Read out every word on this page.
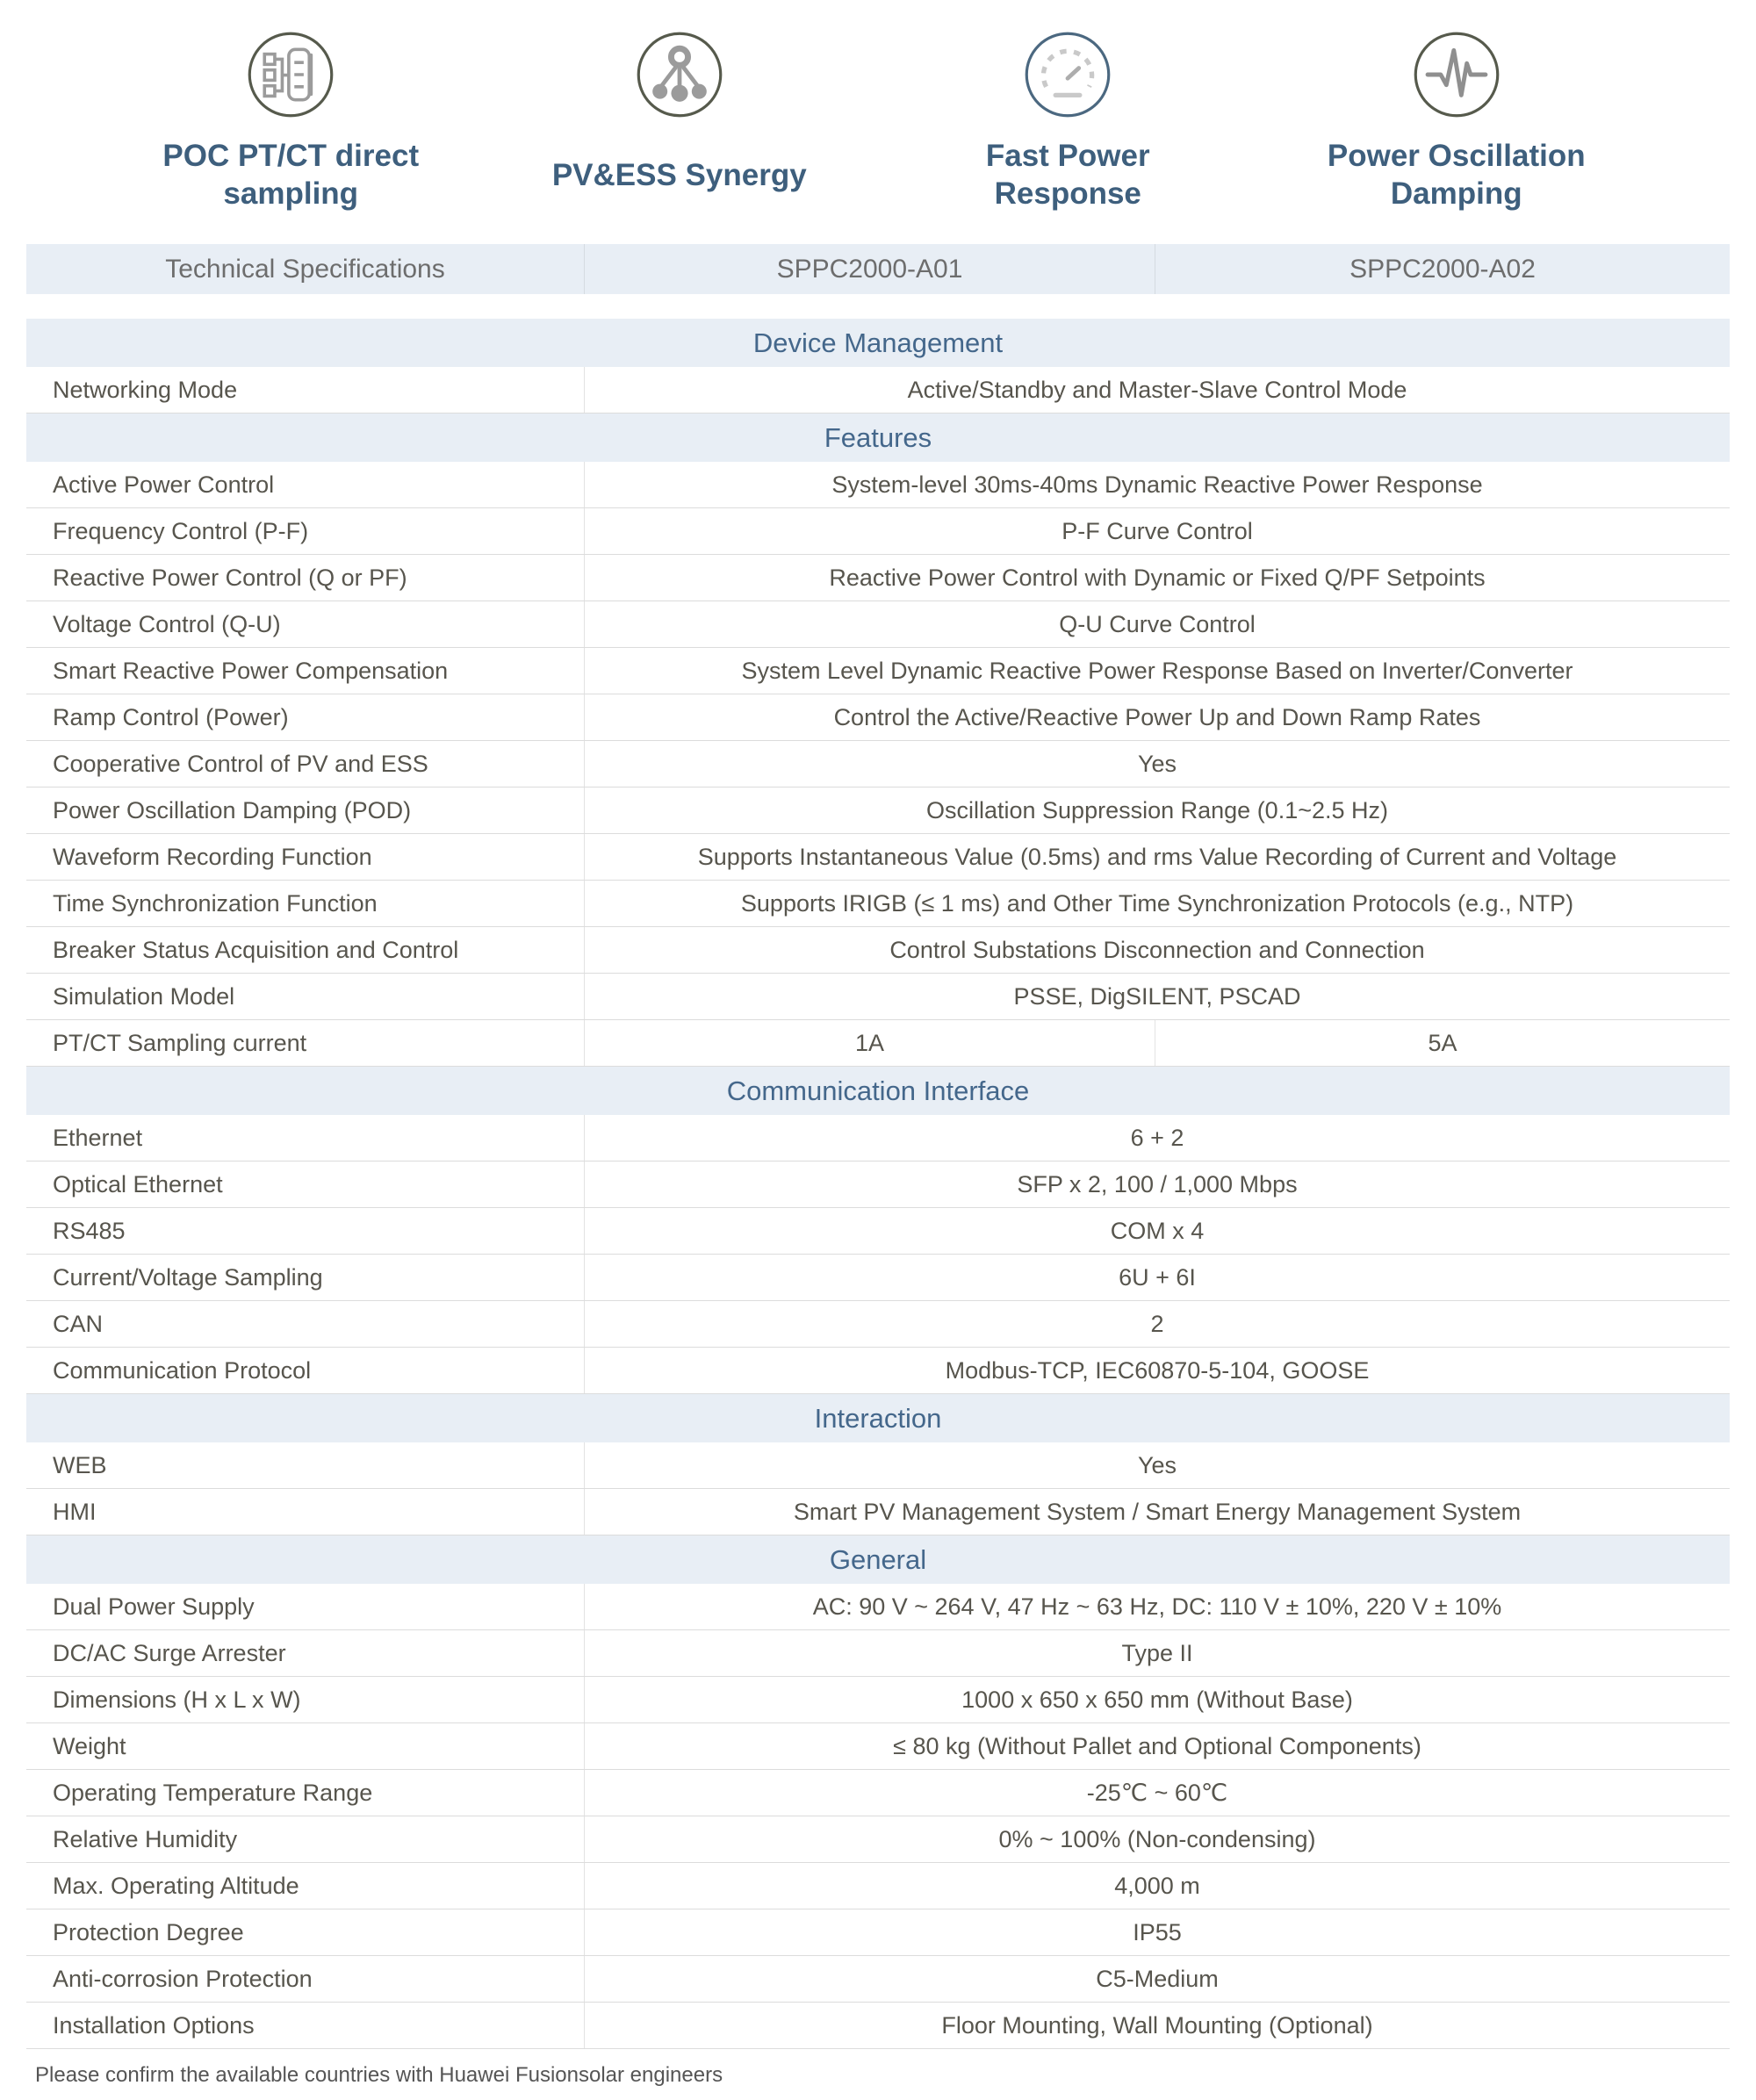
POC PT/CT direct sampling
PV&ESS Synergy
Fast Power Response
Power Oscillation Damping
Technical Specifications	SPPC2000-A01	SPPC2000-A02
Device Management
Networking Mode	Active/Standby and Master-Slave Control Mode
Features
Active Power Control	System-level 30ms-40ms Dynamic Reactive Power Response
Frequency Control (P-F)	P-F Curve Control
Reactive Power Control (Q or PF)	Reactive Power Control with Dynamic or Fixed Q/PF Setpoints
Voltage Control (Q-U)	Q-U Curve Control
Smart Reactive Power Compensation	System Level Dynamic Reactive Power Response Based on Inverter/Converter
Ramp Control (Power)	Control the Active/Reactive Power Up and Down Ramp Rates
Cooperative Control of PV and ESS	Yes
Power Oscillation Damping (POD)	Oscillation Suppression Range (0.1~2.5 Hz)
Waveform Recording Function	Supports Instantaneous Value (0.5ms) and rms Value Recording of Current and Voltage
Time Synchronization Function	Supports IRIGB (≤ 1 ms) and Other Time Synchronization Protocols (e.g., NTP)
Breaker Status Acquisition and Control	Control Substations Disconnection and Connection
Simulation Model	PSSE, DigSILENT, PSCAD
PT/CT Sampling current	1A	5A
Communication Interface
Ethernet	6 + 2
Optical Ethernet	SFP x 2, 100 / 1,000 Mbps
RS485	COM x 4
Current/Voltage Sampling	6U + 6I
CAN	2
Communication Protocol	Modbus-TCP, IEC60870-5-104, GOOSE
Interaction
WEB	Yes
HMI	Smart PV Management System / Smart Energy Management System
General
Dual Power Supply	AC: 90 V ~ 264 V, 47 Hz ~ 63 Hz, DC: 110 V ± 10%, 220 V ± 10%
DC/AC Surge Arrester	Type II
Dimensions (H x L x W)	1000 x 650 x 650 mm (Without Base)
Weight	≤ 80 kg (Without Pallet and Optional Components)
Operating Temperature Range	-25℃ ~ 60℃
Relative Humidity	0% ~ 100% (Non-condensing)
Max. Operating Altitude	4,000 m
Protection Degree	IP55
Anti-corrosion Protection	C5-Medium
Installation Options	Floor Mounting, Wall Mounting (Optional)
Please confirm the available countries with Huawei Fusionsolar engineers
